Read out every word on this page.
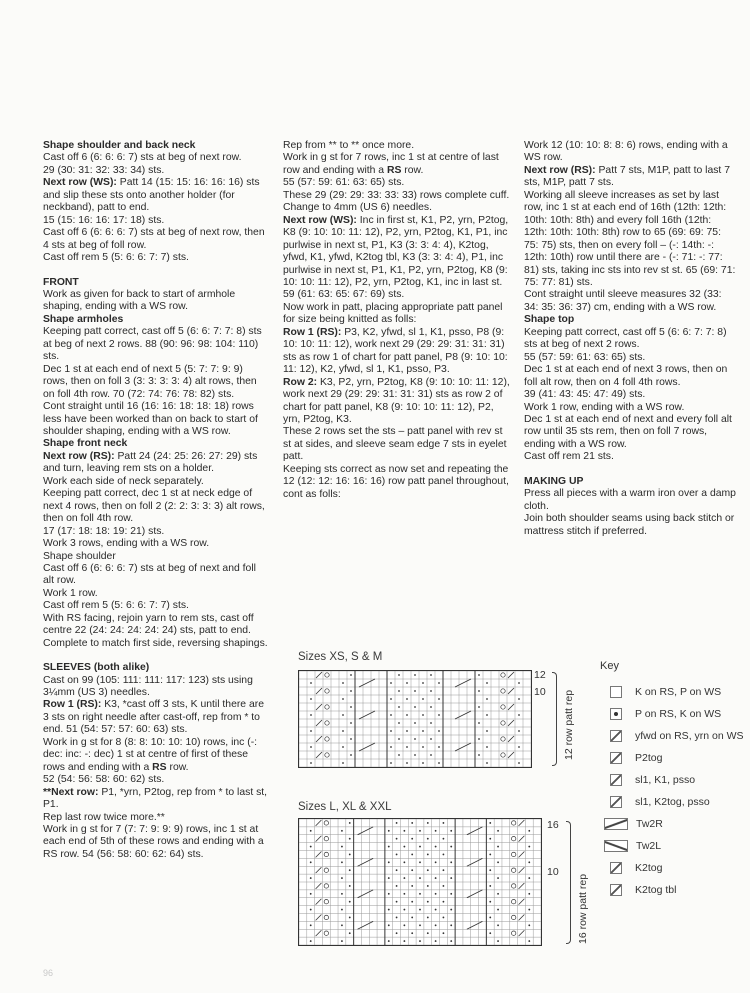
Shape shoulder and back neck
Cast off 6 (6: 6: 6: 7) sts at beg of next row.
29 (30: 31: 32: 33: 34) sts.
Next row (WS): Patt 14 (15: 15: 16: 16: 16) sts and slip these sts onto another holder (for neckband), patt to end.
15 (15: 16: 16: 17: 18) sts.
Cast off 6 (6: 6: 6: 7) sts at beg of next row, then 4 sts at beg of foll row.
Cast off rem 5 (5: 6: 6: 7: 7) sts.
FRONT
Work as given for back to start of armhole shaping, ending with a WS row.
Shape armholes
Keeping patt correct, cast off 5 (6: 6: 7: 7: 8) sts at beg of next 2 rows. 88 (90: 96: 98: 104: 110) sts.
Dec 1 st at each end of next 5 (5: 7: 7: 9: 9) rows, then on foll 3 (3: 3: 3: 3: 4) alt rows, then on foll 4th row. 70 (72: 74: 76: 78: 82) sts.
Cont straight until 16 (16: 16: 18: 18: 18) rows less have been worked than on back to start of shoulder shaping, ending with a WS row.
Shape front neck
Next row (RS): Patt 24 (24: 25: 26: 27: 29) sts and turn, leaving rem sts on a holder.
Work each side of neck separately.
Keeping patt correct, dec 1 st at neck edge of next 4 rows, then on foll 2 (2: 2: 3: 3: 3) alt rows, then on foll 4th row.
17 (17: 18: 18: 19: 21) sts.
Work 3 rows, ending with a WS row.
Shape shoulder
Cast off 6 (6: 6: 6: 7) sts at beg of next and foll alt row.
Work 1 row.
Cast off rem 5 (5: 6: 6: 7: 7) sts.
With RS facing, rejoin yarn to rem sts, cast off centre 22 (24: 24: 24: 24: 24) sts, patt to end. Complete to match first side, reversing shapings.
SLEEVES (both alike)
Cast on 99 (105: 111: 111: 117: 123) sts using 3¼mm (US 3) needles.
Row 1 (RS): K3, *cast off 3 sts, K until there are 3 sts on right needle after cast-off, rep from * to end. 51 (54: 57: 57: 60: 63) sts.
Work in g st for 8 (8: 8: 10: 10: 10) rows, inc (-: dec: inc: -: dec) 1 st at centre of first of these rows and ending with a RS row.
52 (54: 56: 58: 60: 62) sts.
**Next row: P1, *yrn, P2tog, rep from * to last st, P1.
Rep last row twice more.**
Work in g st for 7 (7: 7: 9: 9: 9) rows, inc 1 st at each end of 5th of these rows and ending with a RS row. 54 (56: 58: 60: 62: 64) sts.
Rep from ** to ** once more.
Work in g st for 7 rows, inc 1 st at centre of last row and ending with a RS row.
55 (57: 59: 61: 63: 65) sts.
These 29 (29: 29: 33: 33: 33) rows complete cuff.
Change to 4mm (US 6) needles.
Next row (WS): Inc in first st, K1, P2, yrn, P2tog, K8 (9: 10: 10: 11: 12), P2, yrn, P2tog, K1, P1, inc purlwise in next st, P1, K3 (3: 3: 4: 4), K2tog, yfwd, K1, yfwd, K2tog tbl, K3 (3: 3: 4: 4), P1, inc purlwise in next st, P1, K1, P2, yrn, P2tog, K8 (9: 10: 10: 11: 12), P2, yrn, P2tog, K1, inc in last st. 59 (61: 63: 65: 67: 69) sts.
Now work in patt, placing appropriate patt panel for size being knitted as folls:
Row 1 (RS): P3, K2, yfwd, sl 1, K1, psso, P8 (9: 10: 10: 11: 12), work next 29 (29: 29: 31: 31: 31) sts as row 1 of chart for patt panel, P8 (9: 10: 10: 11: 12), K2, yfwd, sl 1, K1, psso, P3.
Row 2: K3, P2, yrn, P2tog, K8 (9: 10: 10: 11: 12), work next 29 (29: 29: 31: 31: 31) sts as row 2 of chart for patt panel, K8 (9: 10: 10: 11: 12), P2, yrn, P2tog, K3.
These 2 rows set the sts – patt panel with rev st st at sides, and sleeve seam edge 7 sts in eyelet patt.
Keeping sts correct as now set and repeating the 12 (12: 12: 16: 16: 16) row patt panel throughout, cont as folls:
Work 12 (10: 10: 8: 8: 6) rows, ending with a WS row.
Next row (RS): Patt 7 sts, M1P, patt to last 7 sts, M1P, patt 7 sts.
Working all sleeve increases as set by last row, inc 1 st at each end of 16th (12th: 12th: 10th: 10th: 8th) and every foll 16th (12th: 12th: 10th: 10th: 8th) row to 65 (69: 69: 75: 75: 75) sts, then on every foll – (-: 14th: -: 12th: 10th) row until there are - (-: 71: -: 77: 81) sts, taking inc sts into rev st st. 65 (69: 71: 75: 77: 81) sts.
Cont straight until sleeve measures 32 (33: 34: 35: 36: 37) cm, ending with a WS row.
Shape top
Keeping patt correct, cast off 5 (6: 6: 7: 7: 8) sts at beg of next 2 rows.
55 (57: 59: 61: 63: 65) sts.
Dec 1 st at each end of next 3 rows, then on foll alt row, then on 4 foll 4th rows.
39 (41: 43: 45: 47: 49) sts.
Work 1 row, ending with a WS row.
Dec 1 st at each end of next and every foll alt row until 35 sts rem, then on foll 7 rows, ending with a WS row.
Cast off rem 21 sts.
MAKING UP
Press all pieces with a warm iron over a damp cloth.
Join both shoulder seams using back stitch or mattress stitch if preferred.
Sizes XS, S & M
12
10 12 row patt rep
Sizes L, XL & XXL
16
10
16 row patt rep
Key
K on RS, P on WS
P on RS, K on WS
yfwd on RS, yrn on WS
P2tog
sl1, K1, psso
sl1, K2tog, psso
Tw2R
Tw2L
K2tog
K2tog tbl
96
